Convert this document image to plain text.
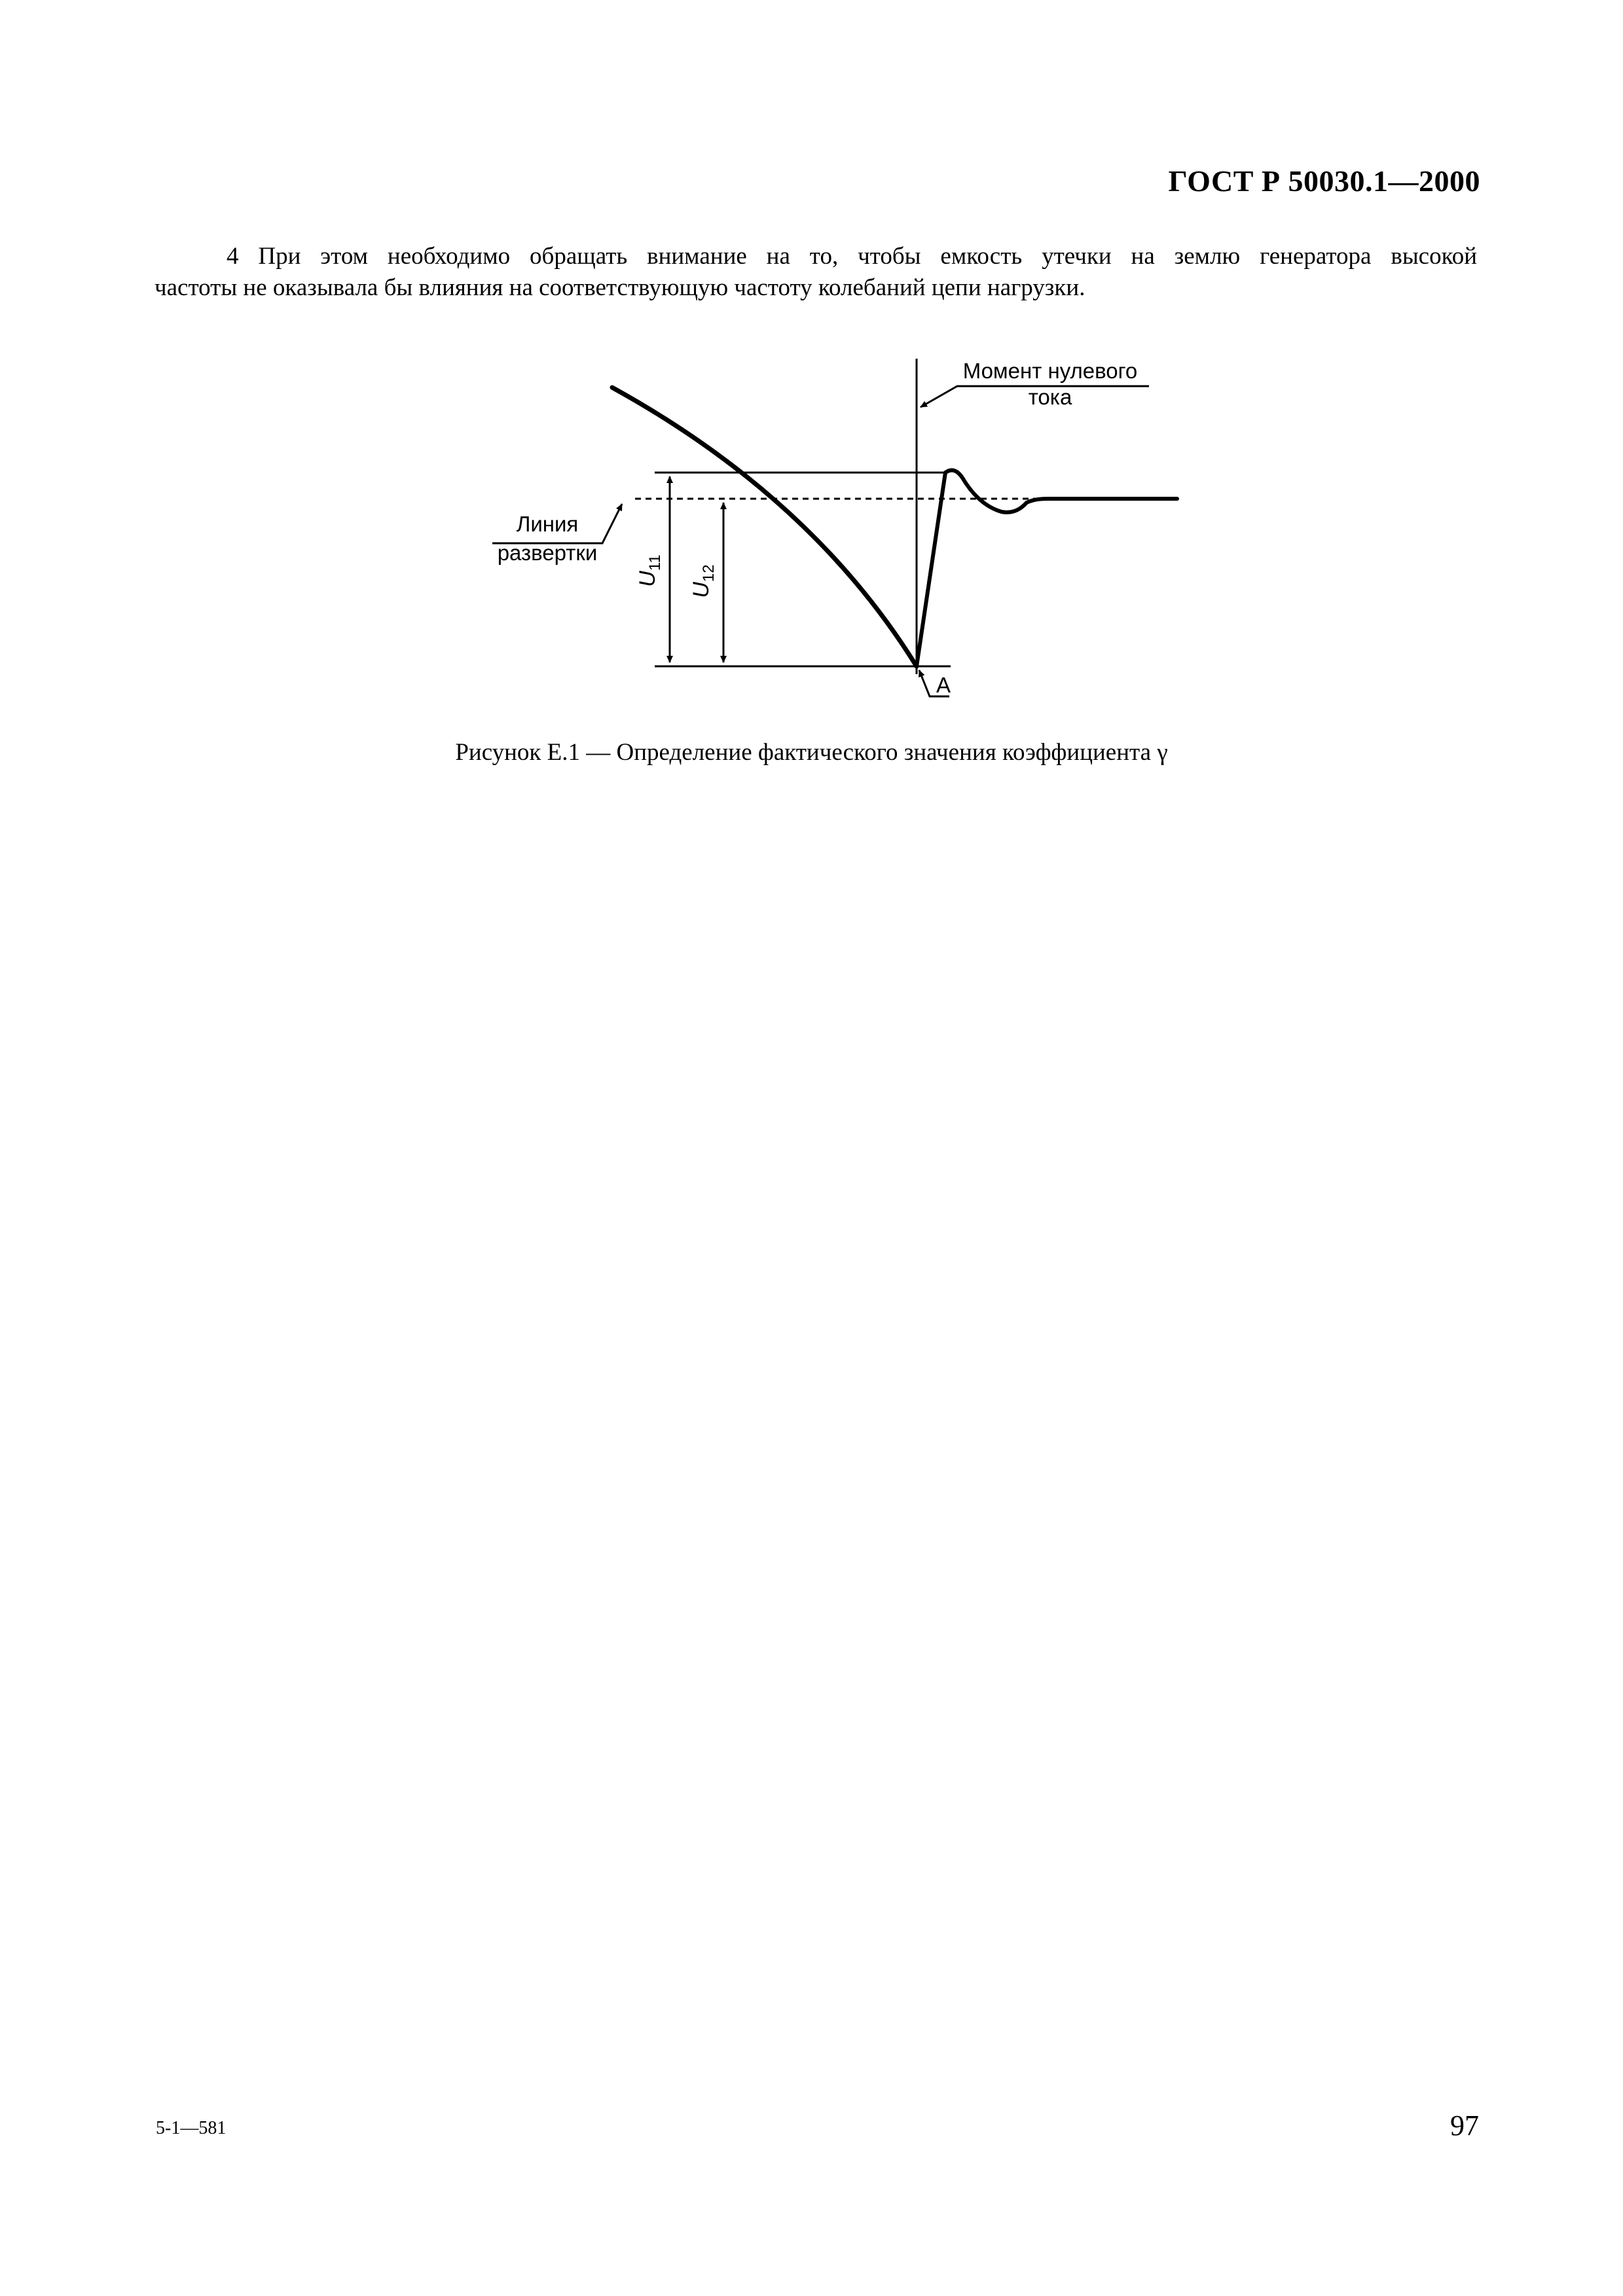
ГОСТ Р 50030.1—2000
4 При этом необходимо обращать внимание на то, чтобы емкость утечки на землю генератора высокой
частоты не оказывала бы влияния на соответствующую частоту колебаний цепи нагрузки.
Момент нулевого
тока
Линия
развертки
U11
U12
A
Рисунок Е.1 — Определение фактического значения коэффициента γ
5-1—581	97
